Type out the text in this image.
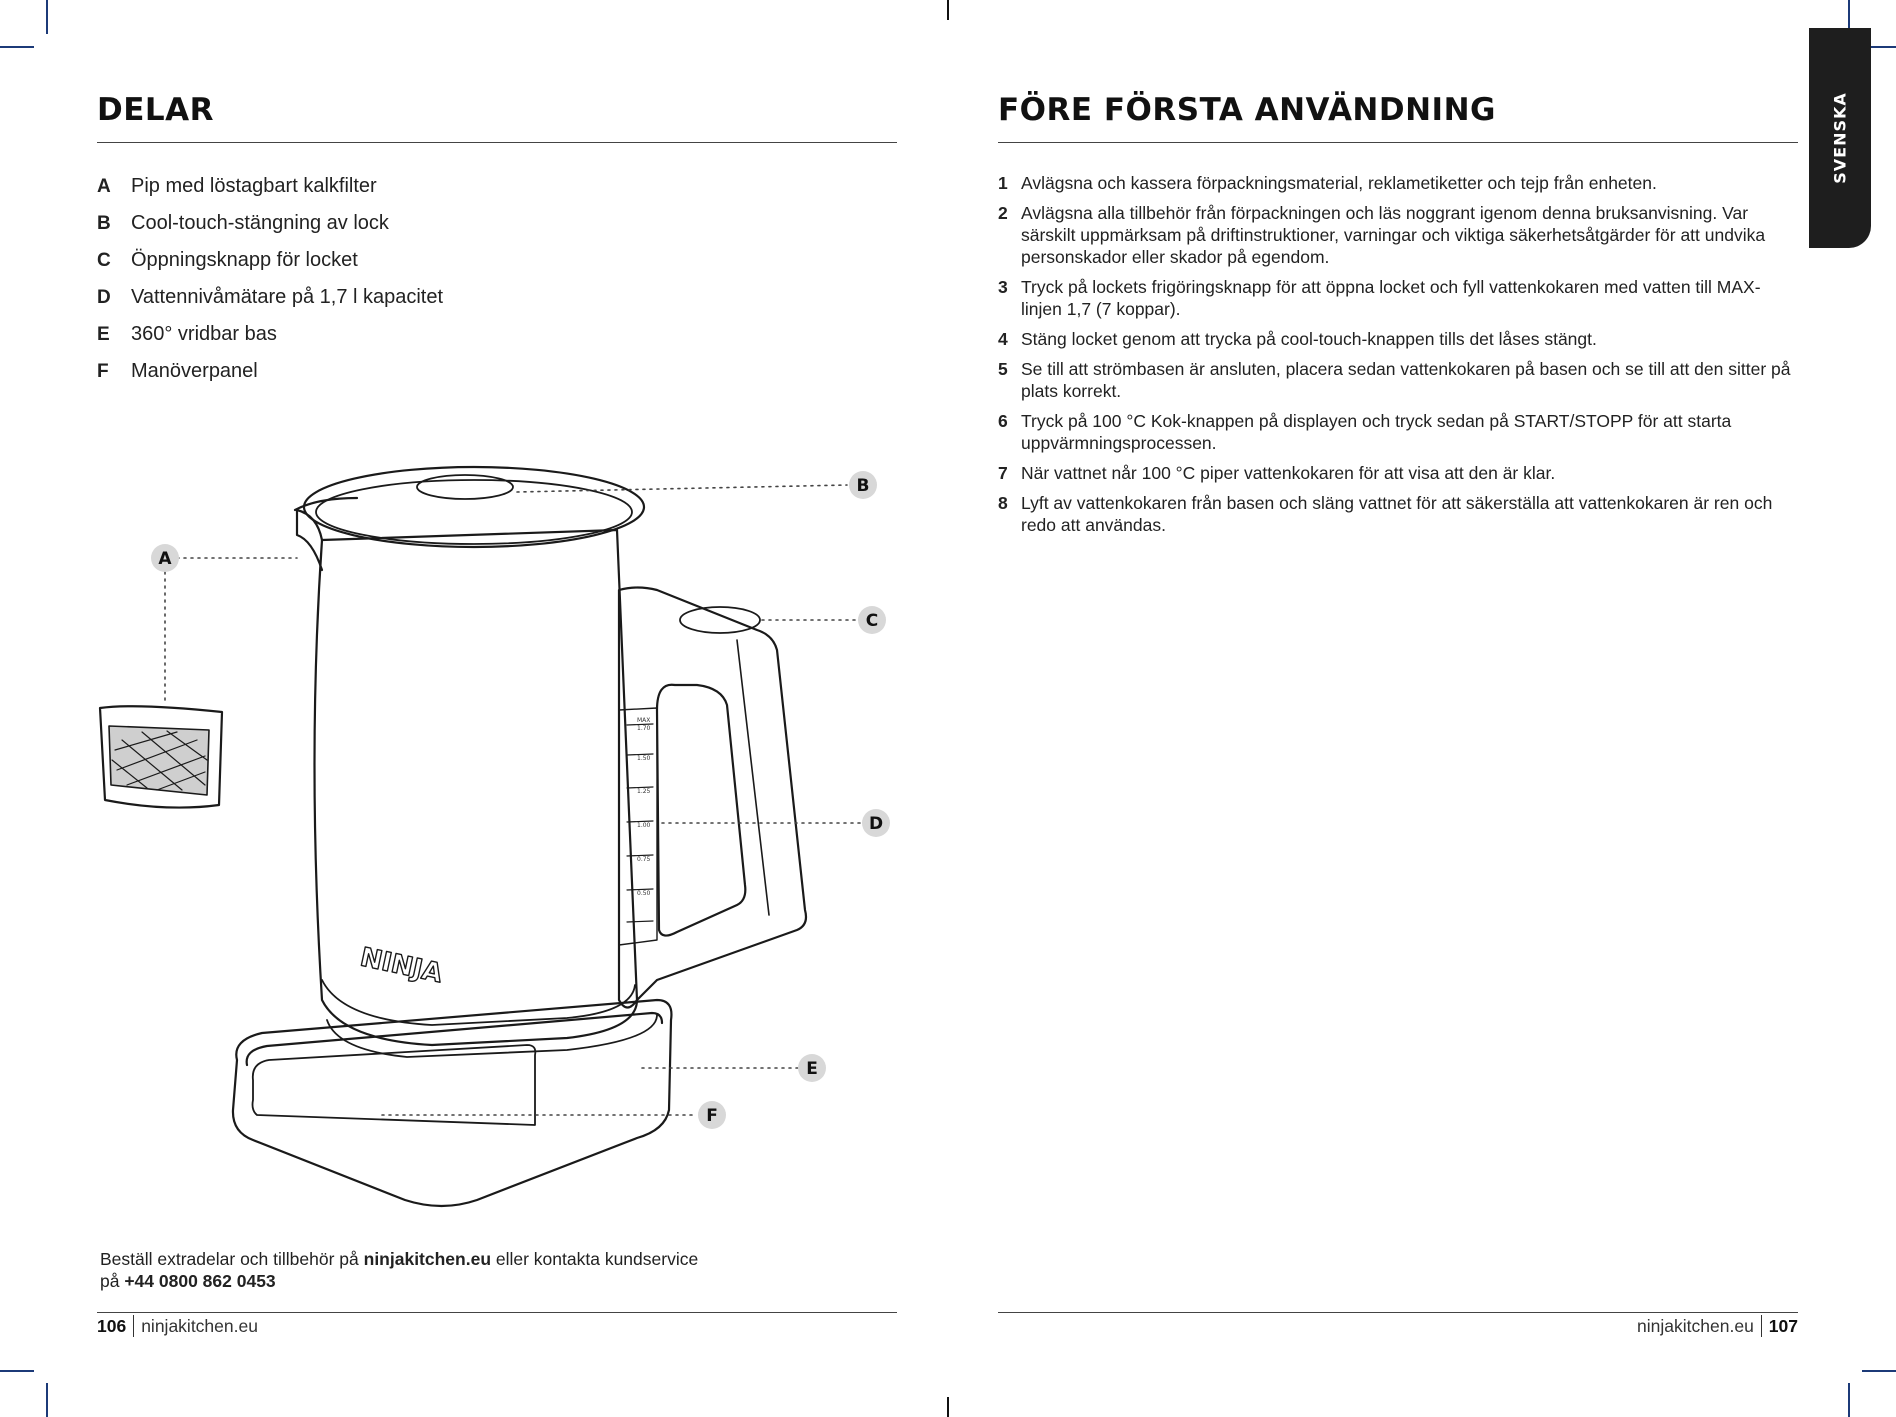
DELAR
A	Pip med löstagbart kalkfilter
B	Cool-touch-stängning av lock
C	Öppningsknapp för locket
D	Vattennivåmätare på 1,7 l kapacitet
E	360° vridbar bas
F	Manöverpanel
NINJA
A
B
C
D
E
F
MAX
1.70
1.50
1.25
1.00
0.75
0.50
Beställ extradelar och tillbehör på ninjakitchen.eu eller kontakta kundservice
på +44 0800 862 0453
106 ninjakitchen.eu
FÖRE FÖRSTA ANVÄNDNING
1 Avlägsna och kassera förpackningsmaterial, reklametiketter och tejp från enheten.
2 Avlägsna alla tillbehör från förpackningen och läs noggrant igenom denna bruksanvisning. Var särskilt uppmärksam på driftinstruktioner, varningar och viktiga säkerhetsåtgärder för att undvika personskador eller skador på egendom.
3 Tryck på lockets frigöringsknapp för att öppna locket och fyll vattenkokaren med vatten till MAX-linjen 1,7 (7 koppar).
4 Stäng locket genom att trycka på cool-touch-knappen tills det låses stängt.
5 Se till att strömbasen är ansluten, placera sedan vattenkokaren på basen och se till att den sitter på plats korrekt.
6 Tryck på 100 °C Kok-knappen på displayen och tryck sedan på START/STOPP för att starta uppvärmningsprocessen.
7 När vattnet når 100 °C piper vattenkokaren för att visa att den är klar.
8 Lyft av vattenkokaren från basen och släng vattnet för att säkerställa att vattenkokaren är ren och redo att användas.
ninjakitchen.eu 107
SVENSKA
